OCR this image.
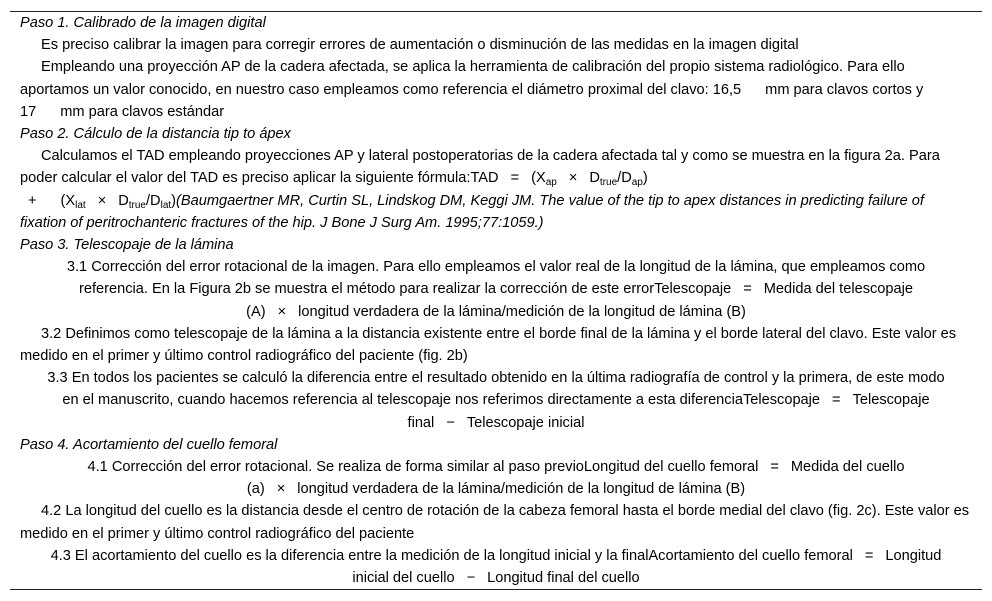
Paso 1. Calibrado de la imagen digital
Es preciso calibrar la imagen para corregir errores de aumentación o disminución de las medidas en la imagen digital
Empleando una proyección AP de la cadera afectada, se aplica la herramienta de calibración del propio sistema radiológico. Para ello aportamos un valor conocido, en nuestro caso empleamos como referencia el diámetro proximal del clavo: 16,5 mm para clavos cortos y 17 mm para clavos estándar
Paso 2. Cálculo de la distancia tip to ápex
Calculamos el TAD empleando proyecciones AP y lateral postoperatorias de la cadera afectada tal y como se muestra en la figura 2a. Para poder calcular el valor del TAD es preciso aplicar la siguiente fórmula:TAD = $(X_{ap} \times D_{true}/D_{ap})$
+ ($X_{lat}$ × $D_{true}/D_{lat})(Baumgaertner$ MR, Curtin SL, Lindskog DM, Keggi JM. The value of the tip to apex distances in predicting failure of fixation of peritrochanteric fractures of the hip. J Bone J Surg Am. 1995;77:1059.)
Paso 3. Telescopaje de la lámina
3.1 Corrección del error rotacional de la imagen. Para ello empleamos el valor real de la longitud de la lámina, que empleamos como referencia. En la Figura 2b se muestra el método para realizar la corrección de este errorTelescopaje = Medida del telescopaje (A) × longitud verdadera de la lámina/medición de la longitud de lámina (B)
3.2 Definimos como telescopaje de la lámina a la distancia existente entre el borde final de la lámina y el borde lateral del clavo. Este valor es medido en el primer y último control radiográfico del paciente (fig. 2b)
3.3 En todos los pacientes se calculó la diferencia entre el resultado obtenido en la última radiografía de control y la primera, de este modo en el manuscrito, cuando hacemos referencia al telescopaje nos referimos directamente a esta diferenciaTelescopaje = Telescopaje final − Telescopaje inicial
Paso 4. Acortamiento del cuello femoral
4.1 Corrección del error rotacional. Se realiza de forma similar al paso previoLongitud del cuello femoral = Medida del cuello (a) × longitud verdadera de la lámina/medición de la longitud de lámina (B)
4.2 La longitud del cuello es la distancia desde el centro de rotación de la cabeza femoral hasta el borde medial del clavo (fig. 2c). Este valor es medido en el primer y último control radiográfico del paciente
4.3 El acortamiento del cuello es la diferencia entre la medición de la longitud inicial y la finalAcortamiento del cuello femoral = Longitud inicial del cuello − Longitud final del cuello
